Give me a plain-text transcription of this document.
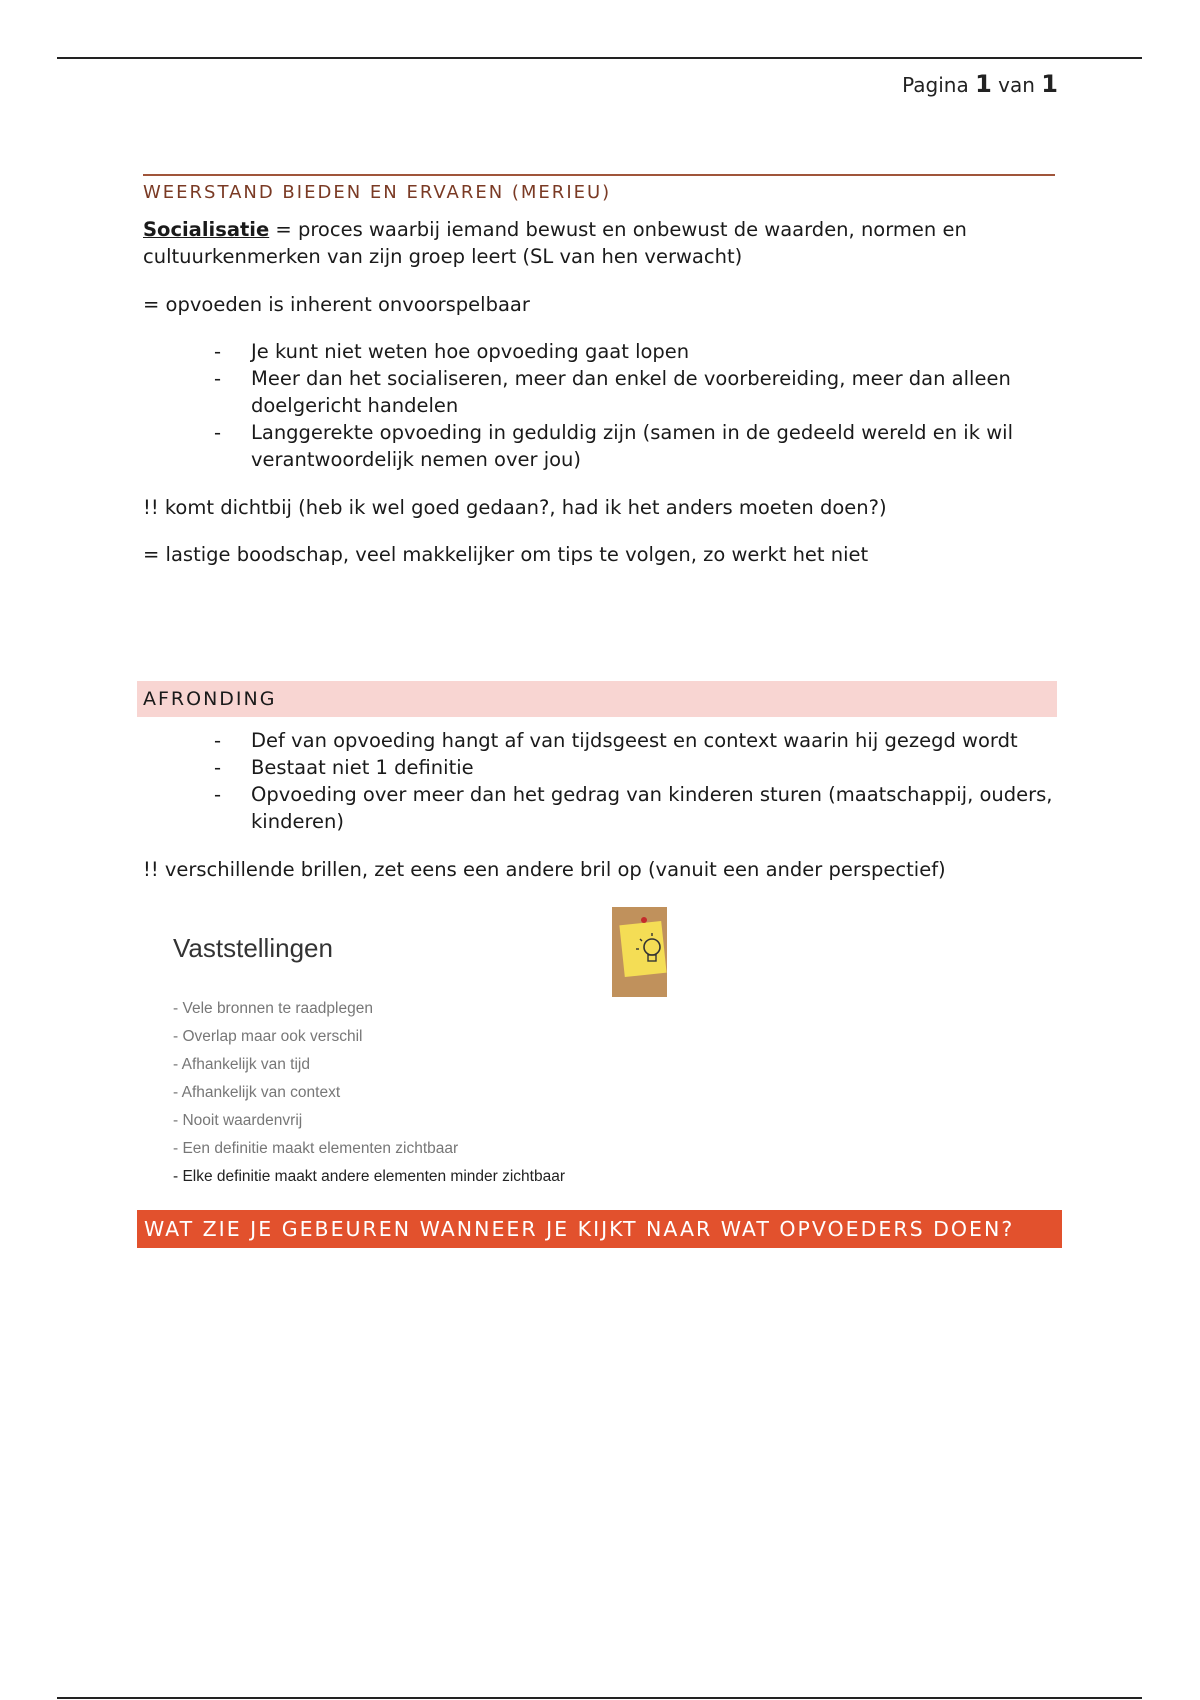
Pagina 1 van 1
WEERSTAND BIEDEN EN ERVAREN (MERIEU)

Socialisatie = proces waarbij iemand bewust en onbewust de waarden, normen en cultuurkenmerken van zijn groep leert (SL van hen verwacht)

= opvoeden is inherent onvoorspelbaar

- Je kunt niet weten hoe opvoeding gaat lopen
- Meer dan het socialiseren, meer dan enkel de voorbereiding, meer dan alleen doelgericht handelen
- Langgerekte opvoeding in geduldig zijn (samen in de gedeeld wereld en ik wil verantwoordelijk nemen over jou)

!! komt dichtbij (heb ik wel goed gedaan?, had ik het anders moeten doen?)

= lastige boodschap, veel makkelijker om tips te volgen, zo werkt het niet

AFRONDING
- Def van opvoeding hangt af van tijdsgeest en context waarin hij gezegd wordt
- Bestaat niet 1 definitie
- Opvoeding over meer dan het gedrag van kinderen sturen (maatschappij, ouders, kinderen)

!! verschillende brillen, zet eens een andere bril op (vanuit een ander perspectief)

Vaststellingen
- Vele bronnen te raadplegen
- Overlap maar ook verschil
- Afhankelijk van tijd
- Afhankelijk van context
- Nooit waardenvrij
- Een definitie maakt elementen zichtbaar
- Elke definitie maakt andere elementen minder zichtbaar
WAT ZIE JE GEBEUREN WANNEER JE KIJKT NAAR WAT OPVOEDERS DOEN?
